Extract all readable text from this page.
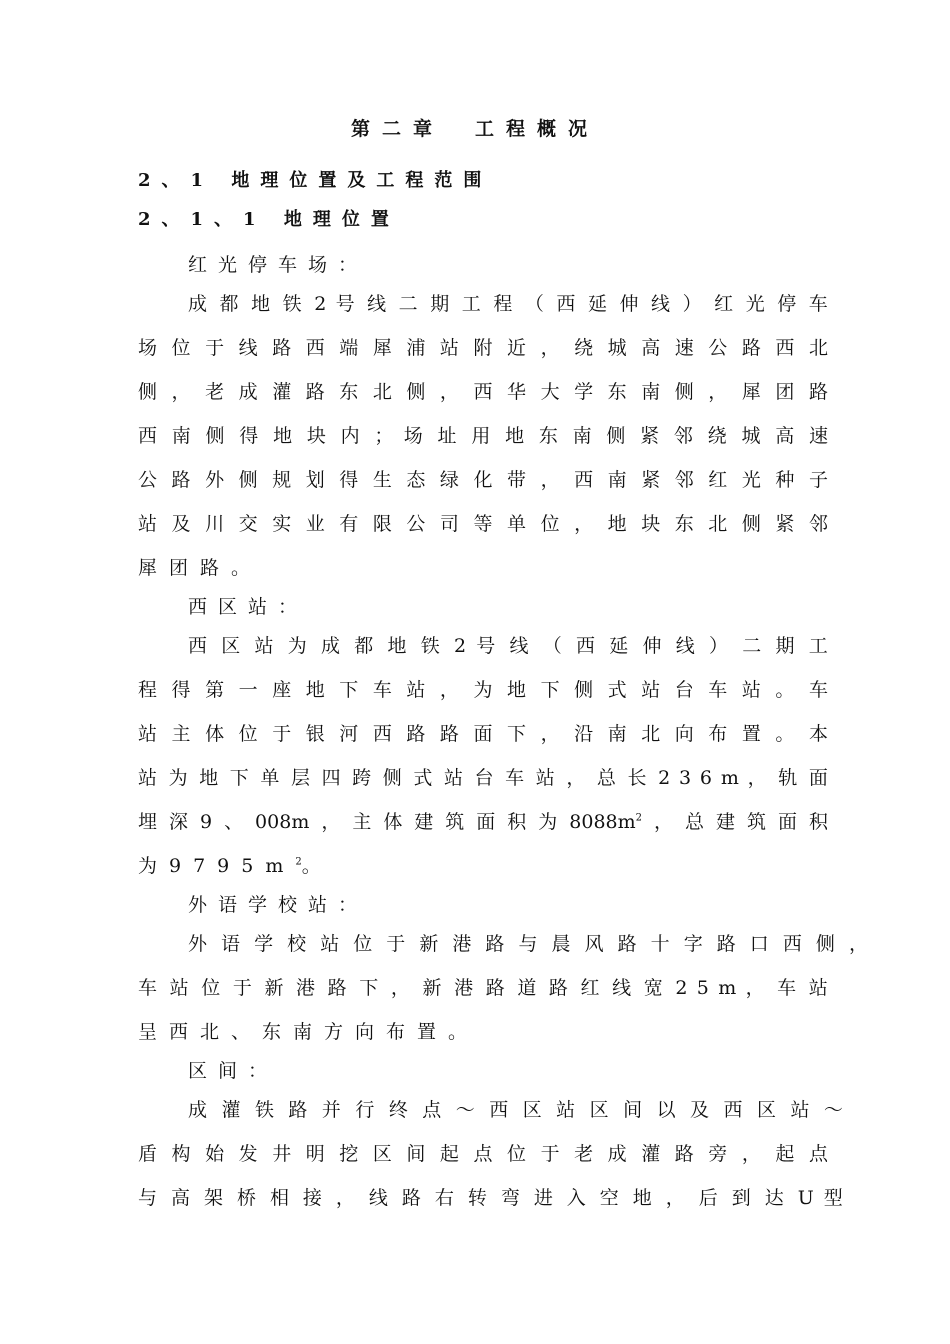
第二章　工程概况
2、1 地理位置及工程范围
2、1、1 地理位置
红光停车场：
成 都 地 铁 2 号 线 二 期 工 程 （ 西 延 伸 线 ） 红 光 停 车
场 位 于 线 路 西 端 犀 浦 站 附 近 ， 绕 城 高 速 公 路 西 北
侧 ， 老 成 灌 路 东 北 侧 ， 西 华 大 学 东 南 侧 ， 犀 团 路
西 南 侧 得 地 块 内 ； 场 址 用 地 东 南 侧 紧 邻 绕 城 高 速
公 路 外 侧 规 划 得 生 态 绿 化 带 ， 西 南 紧 邻 红 光 种 子
站 及 川 交 实 业 有 限 公 司 等 单 位 ， 地 块 东 北 侧 紧 邻
犀团路。
西区站：
西 区 站 为 成 都 地 铁 2 号 线 （ 西 延 伸 线 ） 二 期 工
程 得 第 一 座 地 下 车 站 ， 为 地 下 侧 式 站 台 车 站 。 车
站 主 体 位 于 银 河 西 路 路 面 下 ， 沿 南 北 向 布 置 。 本
站 为 地 下 单 层 四 跨 侧 式 站 台 车 站 ， 总 长 2 3 6 m ， 轨 面
埋深9、008m，主体建筑面积为$8088m^2$，总建筑面积
为$9795m^2$。
外语学校站：
外 语 学 校 站 位 于 新 港 路 与 晨 风 路 十 字 路 口 西 侧 ，
车 站 位 于 新 港 路 下 ， 新 港 路 道 路 红 线 宽 2 5 m ， 车 站
呈西北、东南方向布置。
区间：
成 灌 铁 路 并 行 终 点 ～ 西 区 站 区 间 以 及 西 区 站 ～
盾 构 始 发 井 明 挖 区 间 起 点 位 于 老 成 灌 路 旁 ， 起 点
与 高 架 桥 相 接 ， 线 路 右 转 弯 进 入 空 地 ， 后 到 达 U 型
